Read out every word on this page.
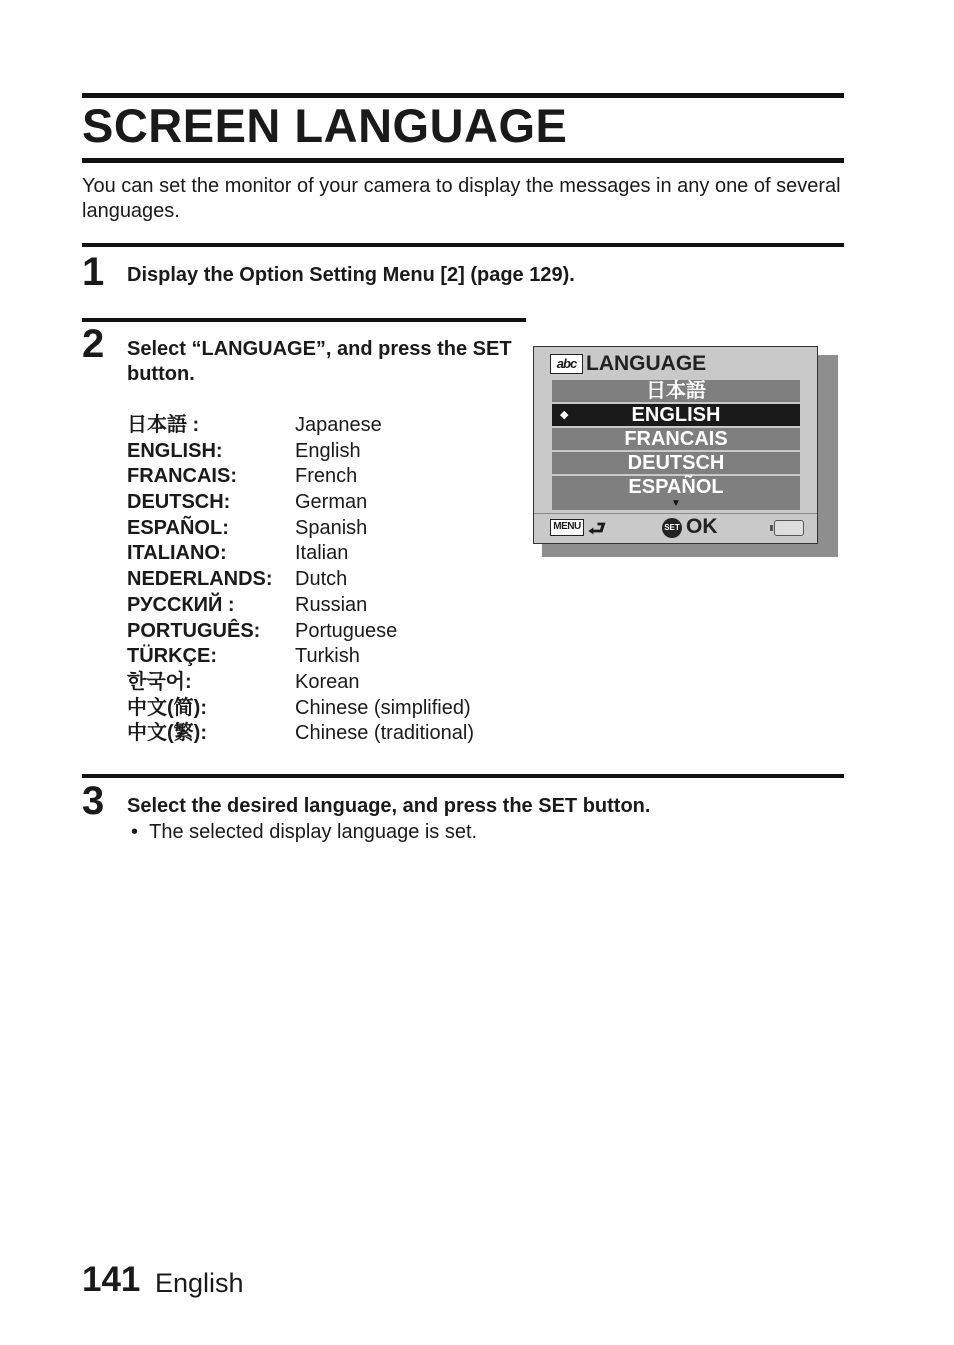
SCREEN LANGUAGE
You can set the monitor of your camera to display the messages in any one of several languages.
1 Display the Option Setting Menu [2] (page 129).
2 Select “LANGUAGE”, and press the SET button.
日本語 :	Japanese
ENGLISH:	English
FRANCAIS:	French
DEUTSCH:	German
ESPAÑOL:	Spanish
ITALIANO:	Italian
NEDERLANDS:	Dutch
РУССКИЙ :	Russian
PORTUGUÊS:	Portuguese
TÜRKÇE:	Turkish
한국어:	Korean
中文(简):	Chinese (simplified)
中文(繁):	Chinese (traditional)
abc LANGUAGE
日本語
◆	ENGLISH
FRANCAIS
DEUTSCH
ESPAÑOL
▼
MENU ⮐	SET OK
3 Select the desired language, and press the SET button.
•  The selected display language is set.
141 English
